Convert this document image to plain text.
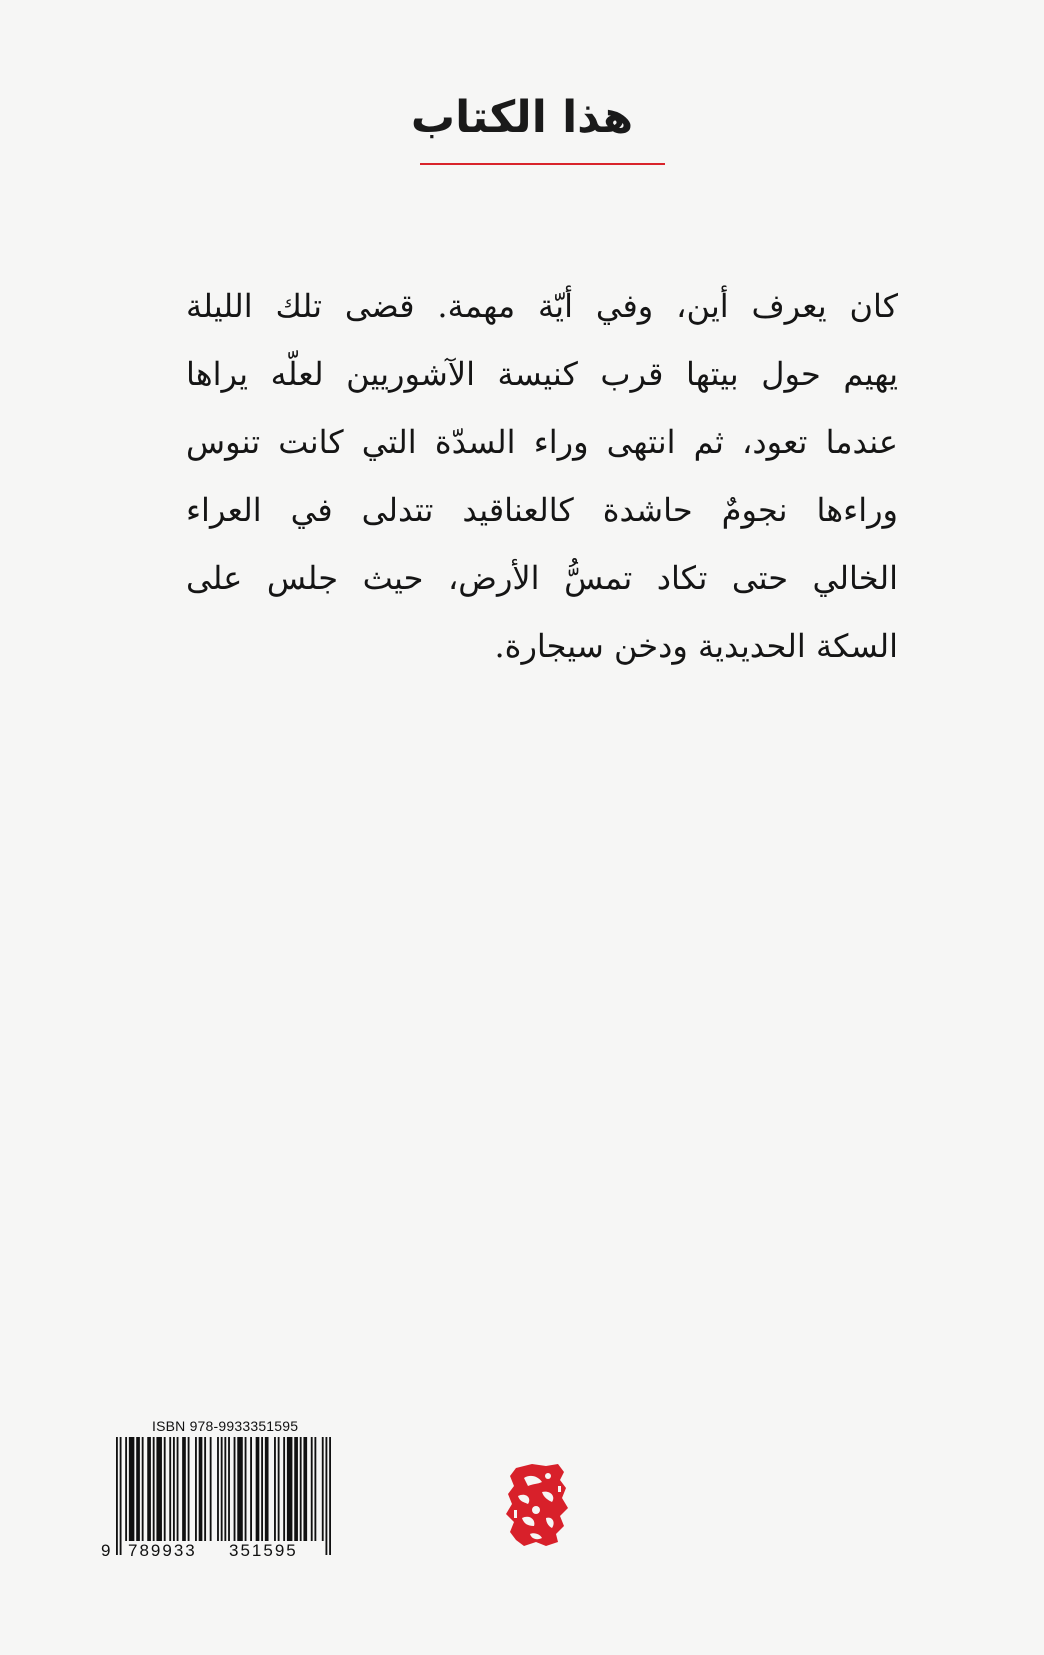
هذا الكتاب
كان يعرف أين، وفي أيّة مهمة. قضى تلك الليلة
يهيم حول بيتها قرب كنيسة الآشوريين لعلّه يراها
عندما تعود، ثم انتهى وراء السدّة التي كانت تنوس
وراءها نجومٌ حاشدة كالعناقيد تتدلى في العراء
الخالي حتى تكاد تمسُّ الأرض، حيث جلس على
السكة الحديدية ودخن سيجارة.
ISBN 978-9933351595
9 789933 351595
